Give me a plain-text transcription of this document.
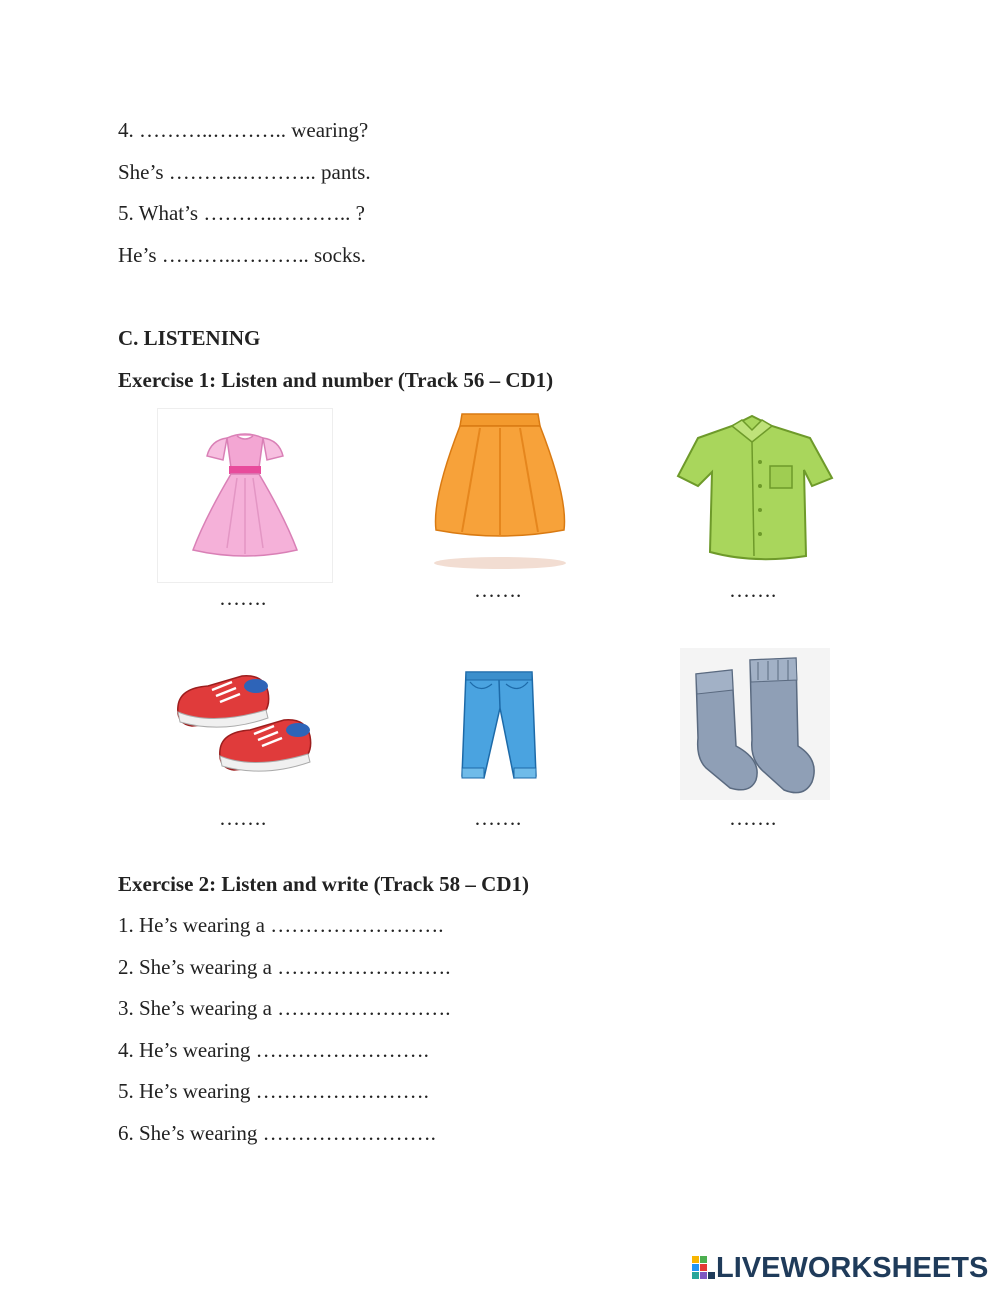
4. ………..……….. wearing?
She’s ………..……….. pants.
5. What’s ………..……….. ?
He’s ………..……….. socks.
C. LISTENING
Exercise 1: Listen and number (Track 56 – CD1)
…….	…….	…….
…….	…….	…….
Exercise 2: Listen and write (Track 58 – CD1)
1. He’s wearing a …………………….
2. She’s wearing a …………………….
3. She’s wearing a …………………….
4. He’s wearing …………………….
5. He’s wearing …………………….
6. She’s wearing …………………….
LIVEWORKSHEETS
